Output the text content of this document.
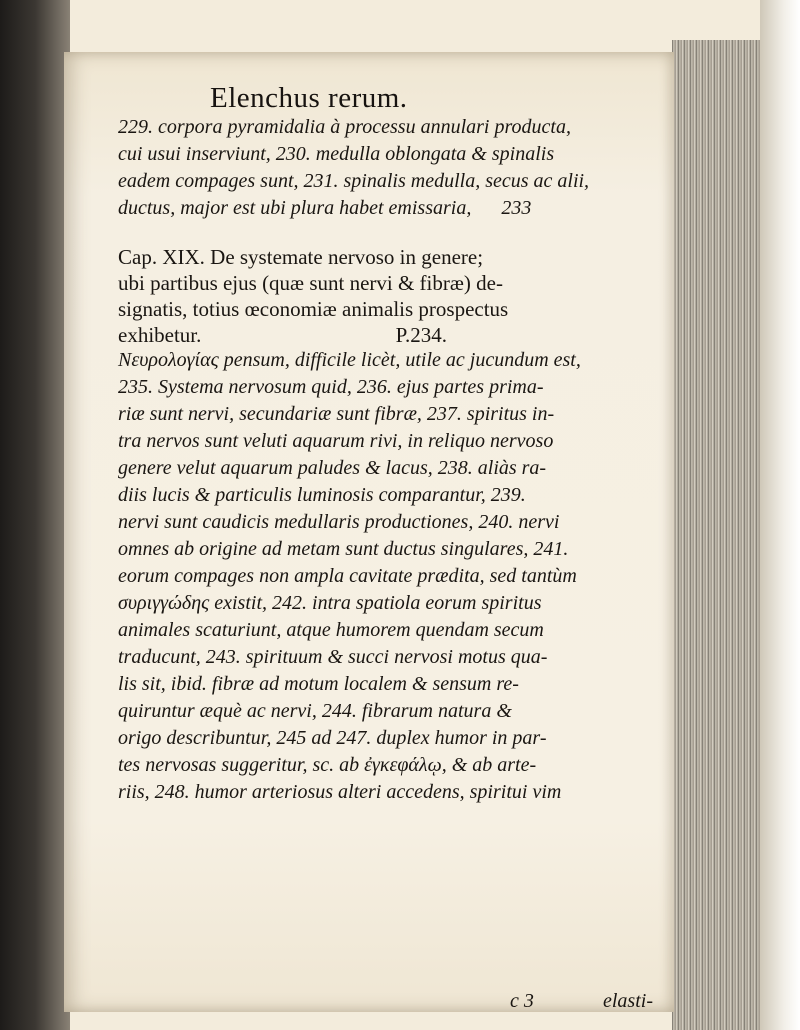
Elenchus rerum.
229. corpora pyramidalia à processu annulari producta,
cui usui inserviunt, 230. medulla oblongata & spinalis
eadem compages sunt, 231. spinalis medulla, secus ac alii,
ductus, major est ubi plura habet emissaria,      233
Cap. XIX. De systemate nervoso in genere;
ubi partibus ejus (quæ sunt nervi & fibræ) de-
signatis, totius œconomiæ animalis prospectus
exhibetur.                                     P.234.
Νευρολογίας pensum, difficile licèt, utile ac jucundum est,
235. Systema nervosum quid, 236. ejus partes prima-
riæ sunt nervi, secundariæ sunt fibræ, 237. spiritus in-
tra nervos sunt veluti aquarum rivi, in reliquo nervoso
genere velut aquarum paludes & lacus, 238. aliàs ra-
diis lucis & particulis luminosis comparantur, 239.
nervi sunt caudicis medullaris productiones, 240. nervi
omnes ab origine ad metam sunt ductus singulares, 241.
eorum compages non ampla cavitate prædita, sed tantùm
συριγγώδης existit, 242. intra spatiola eorum spiritus
animales scaturiunt, atque humorem quendam secum
traducunt, 243. spirituum & succi nervosi motus qua-
lis sit, ibid. fibræ ad motum localem & sensum re-
quiruntur æquè ac nervi, 244. fibrarum natura &
origo describuntur, 245 ad 247. duplex humor in par-
tes nervosas suggeritur, sc. ab ἐγκεφάλῳ, & ab arte-
riis, 248. humor arteriosus alteri accedens, spiritui vim
c 3	elasti-
